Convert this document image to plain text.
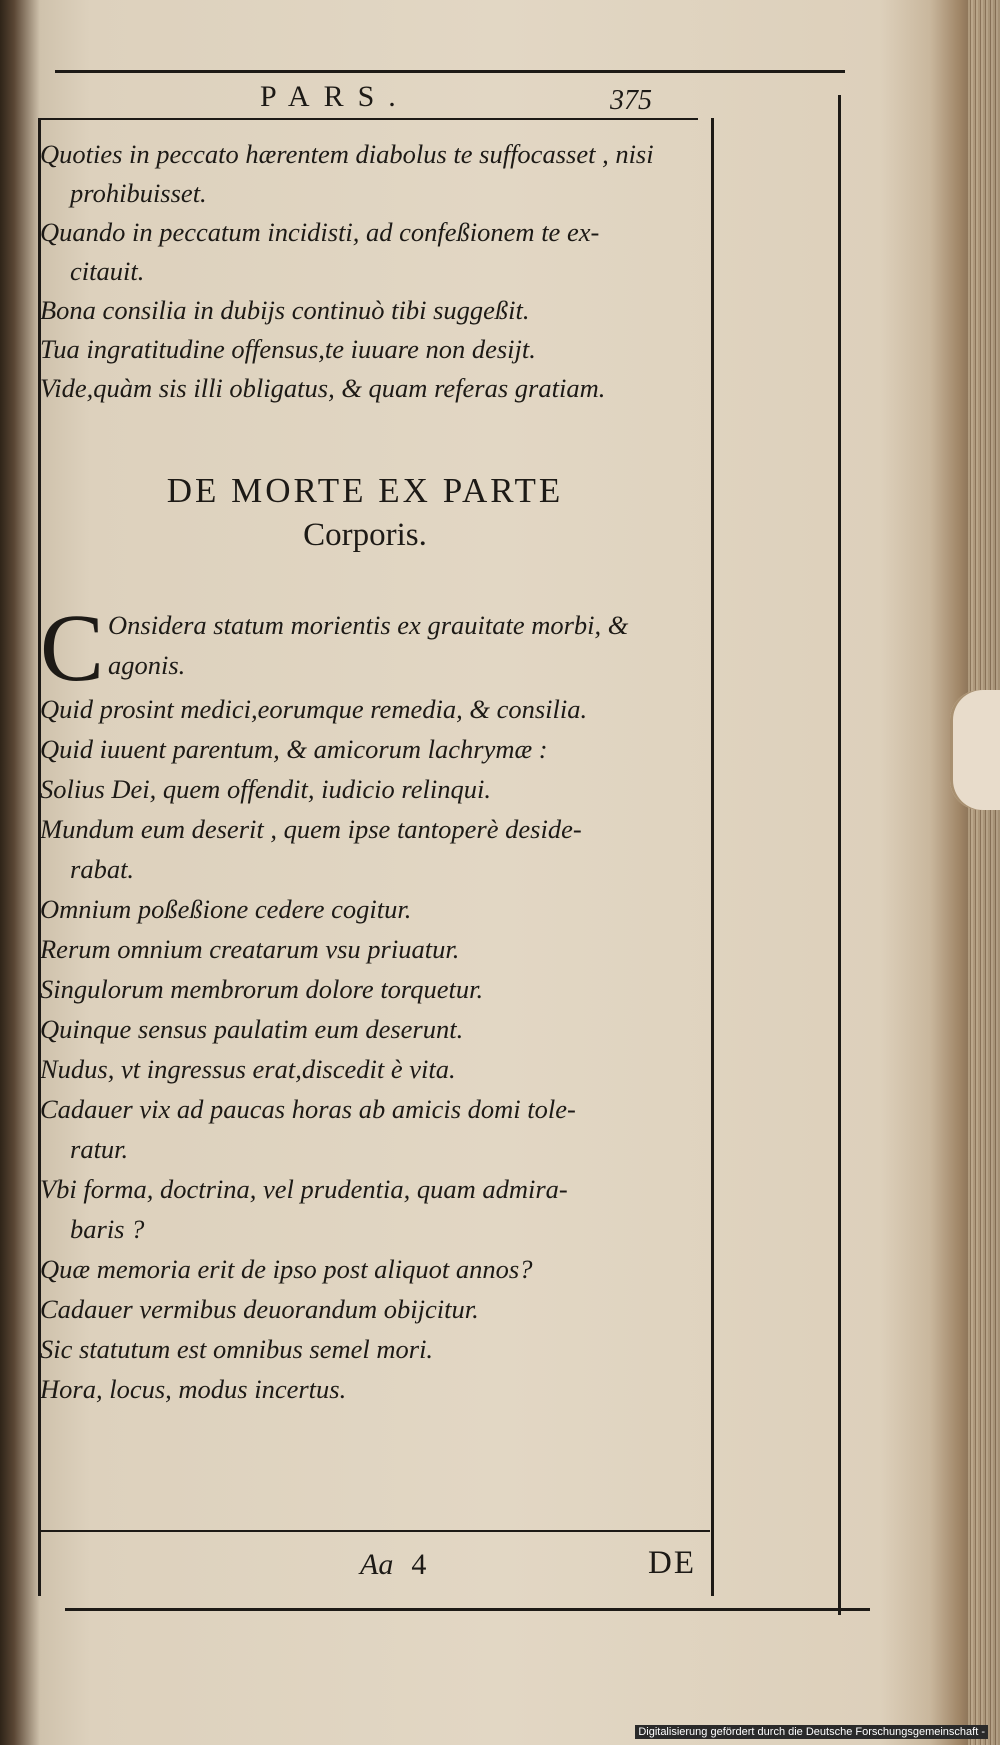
PARS.	375
Quoties in peccato hærentem diabolus te suffocasset , nisi
prohibuisset.
Quando in peccatum incidisti, ad confeßionem te ex-
citauit.
Bona consilia in dubijs continuò tibi suggeßit.
Tua ingratitudine offensus,te iuuare non desijt.
Vide,quàm sis illi obligatus, & quam referas gratiam.
DE MORTE EX PARTE
Corporis.
C Onsidera statum morientis ex grauitate morbi, &
agonis.
Quid prosint medici,eorumque remedia, & consilia.
Quid iuuent parentum, & amicorum lachrymæ :
Solius Dei, quem offendit, iudicio relinqui.
Mundum eum deserit , quem ipse tantoperè deside-
rabat.
Omnium poßeßione cedere cogitur.
Rerum omnium creatarum vsu priuatur.
Singulorum membrorum dolore torquetur.
Quinque sensus paulatim eum deserunt.
Nudus, vt ingressus erat,discedit è vita.
Cadauer vix ad paucas horas ab amicis domi tole-
ratur.
Vbi forma, doctrina, vel prudentia, quam admira-
baris ?
Quæ memoria erit de ipso post aliquot annos?
Cadauer vermibus deuorandum obijcitur.
Sic statutum est omnibus semel mori.
Hora, locus, modus incertus.
Aa 4	DE
Digitalisierung gefördert durch die Deutsche Forschungsgemeinschaft -
